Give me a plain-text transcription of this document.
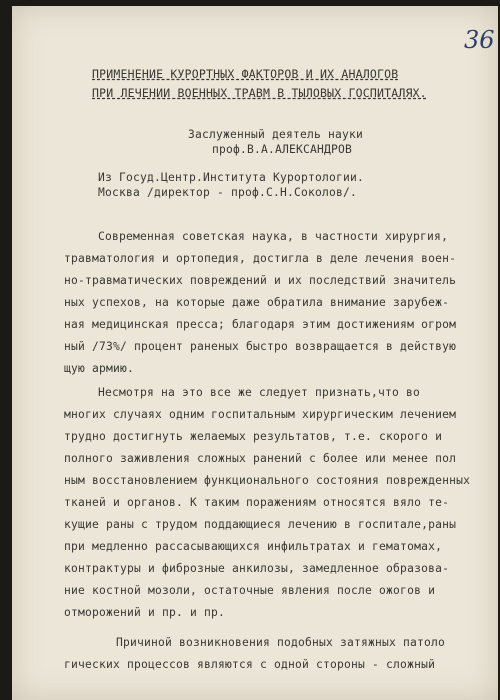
36
ПРИМЕНЕНИЕ КУРОРТНЫХ ФАКТОРОВ И ИХ АНАЛОГОВ
ПРИ ЛЕЧЕНИИ ВОЕННЫХ ТРАВМ В ТЫЛОВЫХ ГОСПИТАЛЯХ.
Заслуженный деятель науки
проф.В.А.АЛЕКСАНДРОВ
Из Госуд.Центр.Института Курортологии.
Москва /директор - проф.С.Н.Соколов/.
Современная советская наука, в частности хирургия,
травматология и ортопедия, достигла в деле лечения воен-
но-травматических повреждений и их последствий значитель
ных успехов, на которые даже обратила внимание зарубеж-
ная медицинская пресса; благодаря этим достижениям огром
ный /73%/ процент раненых быстро возвращается в действую
щую армию.
Несмотря на это все же следует признать,что во
многих случаях одним госпитальным хирургическим лечением
трудно достигнуть желаемых результатов, т.е. скорого и
полного заживления сложных ранений с более или менее пол
ным восстановлением функционального состояния поврежденных
тканей и органов. К таким поражениям относятся вяло те-
кущие раны с трудом поддающиеся лечению в госпитале,раны
при медленно рассасывающихся инфильтратах и гематомах,
контрактуры и фиброзные анкилозы, замедленное образова-
ние костной мозоли, остаточные явления после ожогов и
отморожений и пр. и пр.
Причиной возникновения подобных затяжных патоло
гических процессов являются с одной стороны - сложный
